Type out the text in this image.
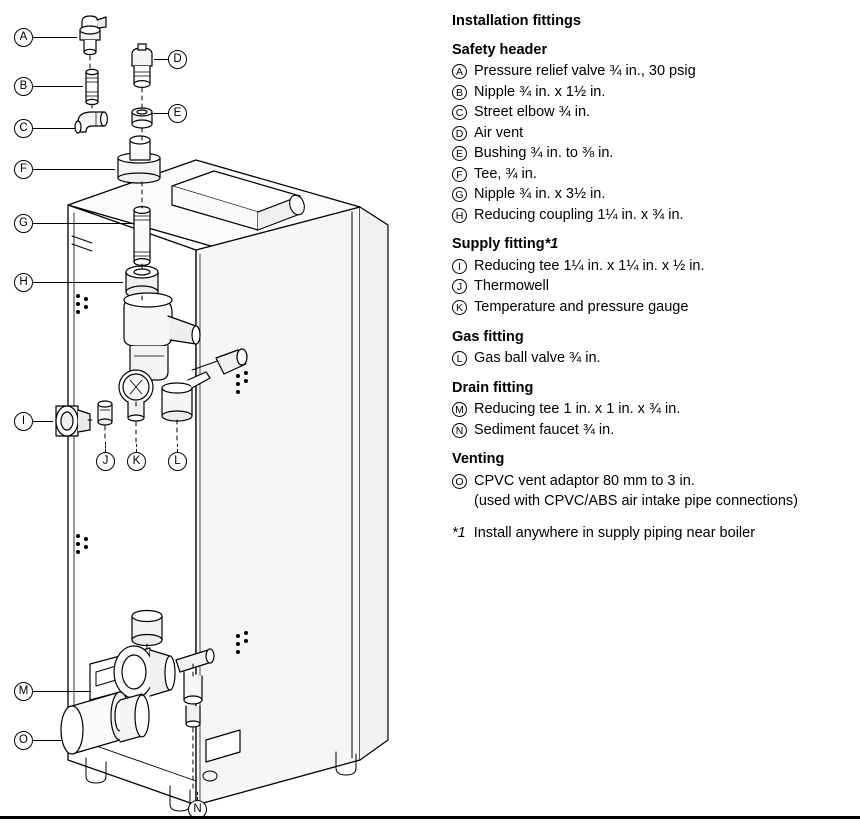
A
B
C
D
E
F
G
H
I
J	K	L
M
N
O
Installation fittings
Safety header
A Pressure relief valve ¾ in., 30 psig
B Nipple ¾ in. x 1½ in.
C Street elbow ¾ in.
D Air vent
E Bushing ¾ in. to ⅜ in.
F Tee, ¾ in.
G Nipple ¾ in. x 3½ in.
H Reducing coupling 1¼ in. x ¾ in.
Supply fitting*1
I Reducing tee 1¼ in. x 1¼ in. x ½ in.
J Thermowell
K Temperature and pressure gauge
Gas fitting
L Gas ball valve ¾ in.
Drain fitting
M Reducing tee 1 in. x 1 in. x ¾ in.
N Sediment faucet ¾ in.
Venting
O CPVC vent adaptor 80 mm to 3 in.
(used with CPVC/ABS air intake pipe connections)
*1 Install anywhere in supply piping near boiler
